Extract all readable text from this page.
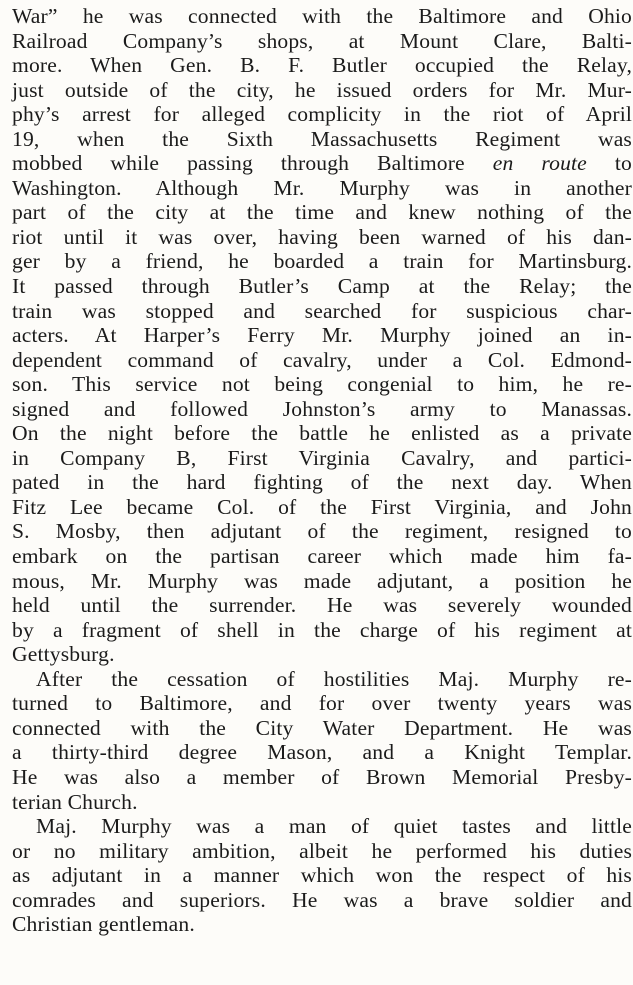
War” he was connected with the Baltimore and Ohio
Railroad Company’s shops, at Mount Clare, Balti-
more. When Gen. B. F. Butler occupied the Relay,
just outside of the city, he issued orders for Mr. Mur-
phy’s arrest for alleged complicity in the riot of April
19, when the Sixth Massachusetts Regiment was
mobbed while passing through Baltimore en route to
Washington. Although Mr. Murphy was in another
part of the city at the time and knew nothing of the
riot until it was over, having been warned of his dan-
ger by a friend, he boarded a train for Martinsburg.
It passed through Butler’s Camp at the Relay; the
train was stopped and searched for suspicious char-
acters. At Harper’s Ferry Mr. Murphy joined an in-
dependent command of cavalry, under a Col. Edmond-
son. This service not being congenial to him, he re-
signed and followed Johnston’s army to Manassas.
On the night before the battle he enlisted as a private
in Company B, First Virginia Cavalry, and partici-
pated in the hard fighting of the next day. When
Fitz Lee became Col. of the First Virginia, and John
S. Mosby, then adjutant of the regiment, resigned to
embark on the partisan career which made him fa-
mous, Mr. Murphy was made adjutant, a position he
held until the surrender. He was severely wounded
by a fragment of shell in the charge of his regiment at
Gettysburg.

After the cessation of hostilities Maj. Murphy re-
turned to Baltimore, and for over twenty years was
connected with the City Water Department. He was
a thirty-third degree Mason, and a Knight Templar.
He was also a member of Brown Memorial Presby-
terian Church.

Maj. Murphy was a man of quiet tastes and little
or no military ambition, albeit he performed his duties
as adjutant in a manner which won the respect of his
comrades and superiors. He was a brave soldier and
Christian gentleman.
